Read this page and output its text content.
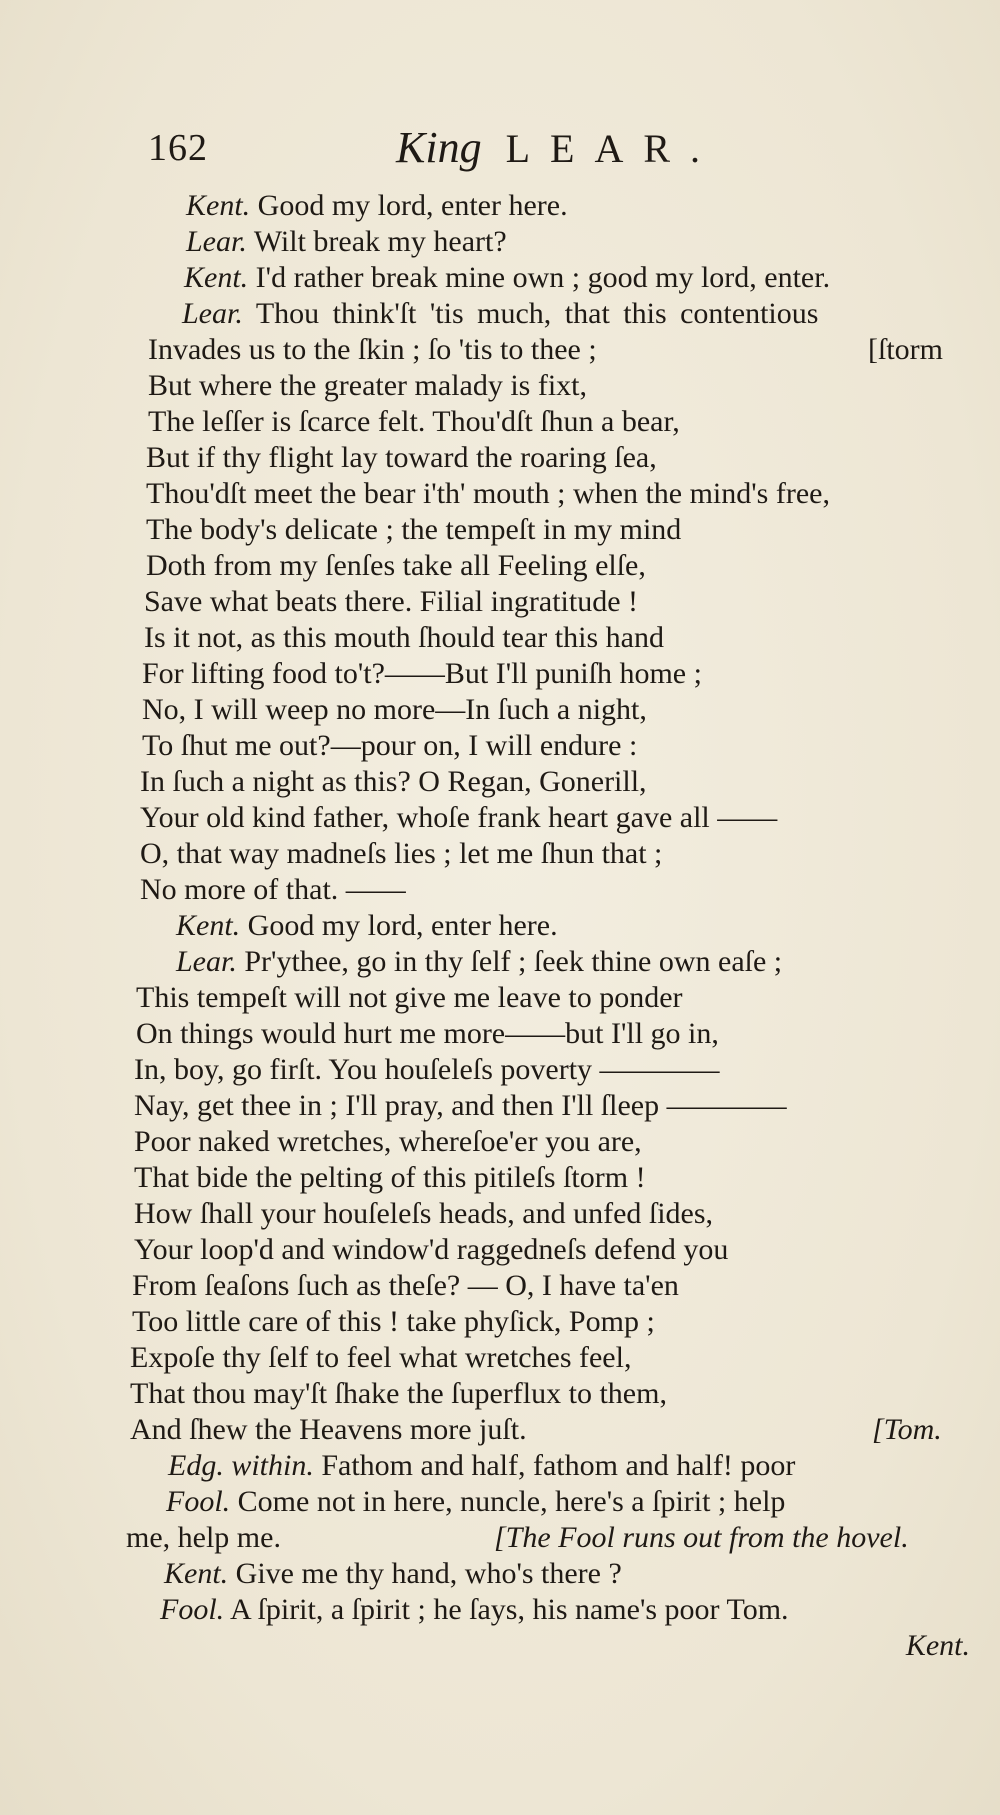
162	King LEAR.
Kent. Good my lord, enter here.
Lear. Wilt break my heart?
Kent. I'd rather break mine own ; good my lord, enter.
Lear. Thou think'ſt 'tis much, that this contentious
Invades us to the ſkin ; ſo 'tis to thee ;	[ſtorm
But where the greater malady is fixt,
The leſſer is ſcarce felt. Thou'dſt ſhun a bear,
But if thy flight lay toward the roaring ſea,
Thou'dſt meet the bear i'th' mouth ; when the mind's free,
The body's delicate ; the tempeſt in my mind
Doth from my ſenſes take all Feeling elſe,
Save what beats there. Filial ingratitude !
Is it not, as this mouth ſhould tear this hand
For lifting food to't?——But I'll puniſh home ;
No, I will weep no more—In ſuch a night,
To ſhut me out?—pour on, I will endure :
In ſuch a night as this? O Regan, Gonerill,
Your old kind father, whoſe frank heart gave all ——
O, that way madneſs lies ; let me ſhun that ;
No more of that. ——
Kent. Good my lord, enter here.
Lear. Pr'ythee, go in thy ſelf ; ſeek thine own eaſe ;
This tempeſt will not give me leave to ponder
On things would hurt me more——but I'll go in,
In, boy, go firſt. You houſeleſs poverty ————
Nay, get thee in ; I'll pray, and then I'll ſleep ————
Poor naked wretches, whereſoe'er you are,
That bide the pelting of this pitileſs ſtorm !
How ſhall your houſeleſs heads, and unfed ſides,
Your loop'd and window'd raggedneſs defend you
From ſeaſons ſuch as theſe? — O, I have ta'en
Too little care of this ! take phyſick, Pomp ;
Expoſe thy ſelf to feel what wretches feel,
That thou may'ſt ſhake the ſuperflux to them,
And ſhew the Heavens more juſt.	[Tom.
Edg. within. Fathom and half, fathom and half! poor
Fool. Come not in here, nuncle, here's a ſpirit ; help
me, help me.	[The Fool runs out from the hovel.
Kent. Give me thy hand, who's there ?
Fool. A ſpirit, a ſpirit ; he ſays, his name's poor Tom.
Kent.
